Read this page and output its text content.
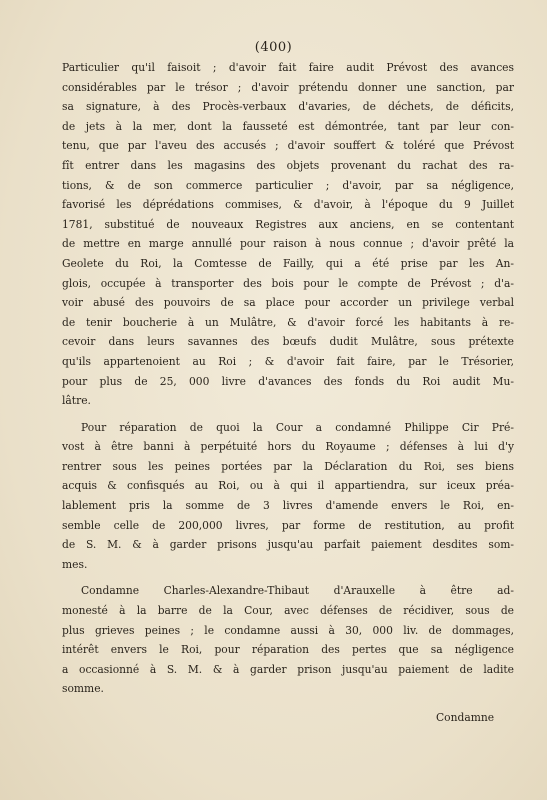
(400)
Particulier qu'il faisoit ; d'avoir fait faire audit Prévost des avances
considérables par le trésor ; d'avoir prétendu donner une sanction, par
sa signature, à des Procès-verbaux d'avaries, de déchets, de déficits,
de jets à la mer, dont la fausseté est démontrée, tant par leur con-
tenu, que par l'aveu des accusés ; d'avoir souffert & toléré que Prévost
fît entrer dans les magasins des objets provenant du rachat des ra-
tions, & de son commerce particulier ; d'avoir, par sa négligence,
favorisé les déprédations commises, & d'avoir, à l'époque du 9 Juillet
1781, substitué de nouveaux Registres aux anciens, en se contentant
de mettre en marge annullé pour raison à nous connue ; d'avoir prêté la
Geolete du Roi, la Comtesse de Failly, qui a été prise par les An-
glois, occupée à transporter des bois pour le compte de Prévost ; d'a-
voir abusé des pouvoirs de sa place pour accorder un privilege verbal
de tenir boucherie à un Mulâtre, & d'avoir forcé les habitants à re-
cevoir dans leurs savannes des bœufs dudit Mulâtre, sous prétexte
qu'ils appartenoient au Roi ; & d'avoir fait faire, par le Trésorier,
pour plus de 25, 000 livre d'avances des fonds du Roi audit Mu-
lâtre.
Pour réparation de quoi la Cour a condamné Philippe Cir Pré-
vost à être banni à perpétuité hors du Royaume ; défenses à lui d'y
rentrer sous les peines portées par la Déclaration du Roi, ses biens
acquis & confisqués au Roi, ou à qui il appartiendra, sur iceux préa-
lablement pris la somme de 3 livres d'amende envers le Roi, en-
semble celle de 200,000 livres, par forme de restitution, au profit
de S. M. & à garder prisons jusqu'au parfait paiement desdites som-
mes.
Condamne Charles-Alexandre-Thibaut d'Arauxelle à être ad-
monesté à la barre de la Cour, avec défenses de récidiver, sous de
plus grieves peines ; le condamne aussi à 30, 000 liv. de dommages,
intérêt envers le Roi, pour réparation des pertes que sa négligence
a occasionné à S. M. & à garder prison jusqu'au paiement de ladite
somme.
Condamne
